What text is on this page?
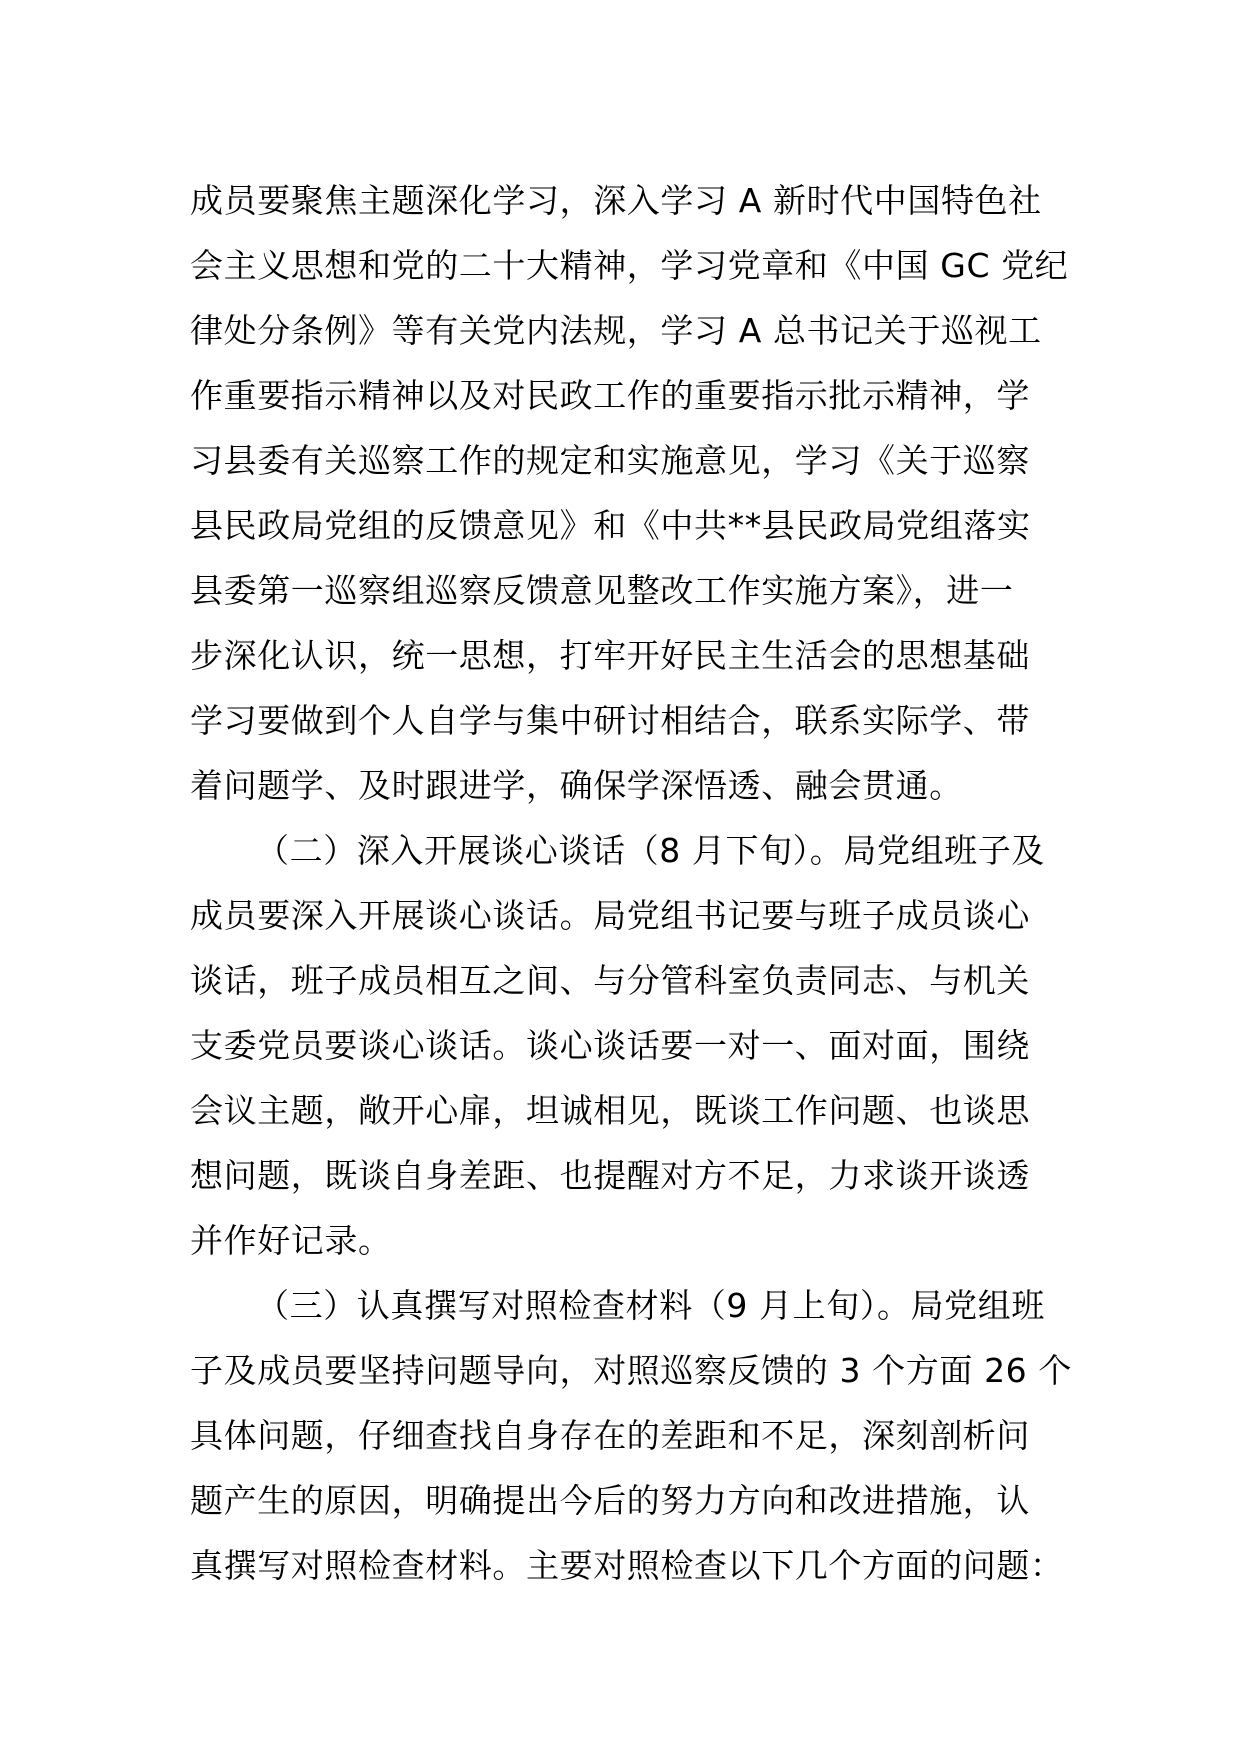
成员要聚焦主题深化学习，深入学习 A 新时代中国特色社
会主义思想和党的二十大精神，学习党章和《中国 GC 党纪
律处分条例》等有关党内法规，学习 A 总书记关于巡视工
作重要指示精神以及对民政工作的重要指示批示精神，学
习县委有关巡察工作的规定和实施意见，学习《关于巡察
县民政局党组的反馈意见》和《中共**县民政局党组落实
县委第一巡察组巡察反馈意见整改工作实施方案》，进一
步深化认识，统一思想，打牢开好民主生活会的思想基础
学习要做到个人自学与集中研讨相结合，联系实际学、带
着问题学、及时跟进学，确保学深悟透、融会贯通。
（二）深入开展谈心谈话（8 月下旬）。局党组班子及
成员要深入开展谈心谈话。局党组书记要与班子成员谈心
谈话，班子成员相互之间、与分管科室负责同志、与机关
支委党员要谈心谈话。谈心谈话要一对一、面对面，围绕
会议主题，敞开心扉，坦诚相见，既谈工作问题、也谈思
想问题，既谈自身差距、也提醒对方不足，力求谈开谈透
并作好记录。
（三）认真撰写对照检查材料（9 月上旬）。局党组班
子及成员要坚持问题导向，对照巡察反馈的 3 个方面 26 个
具体问题，仔细查找自身存在的差距和不足，深刻剖析问
题产生的原因，明确提出今后的努力方向和改进措施，认
真撰写对照检查材料。主要对照检查以下几个方面的问题：
